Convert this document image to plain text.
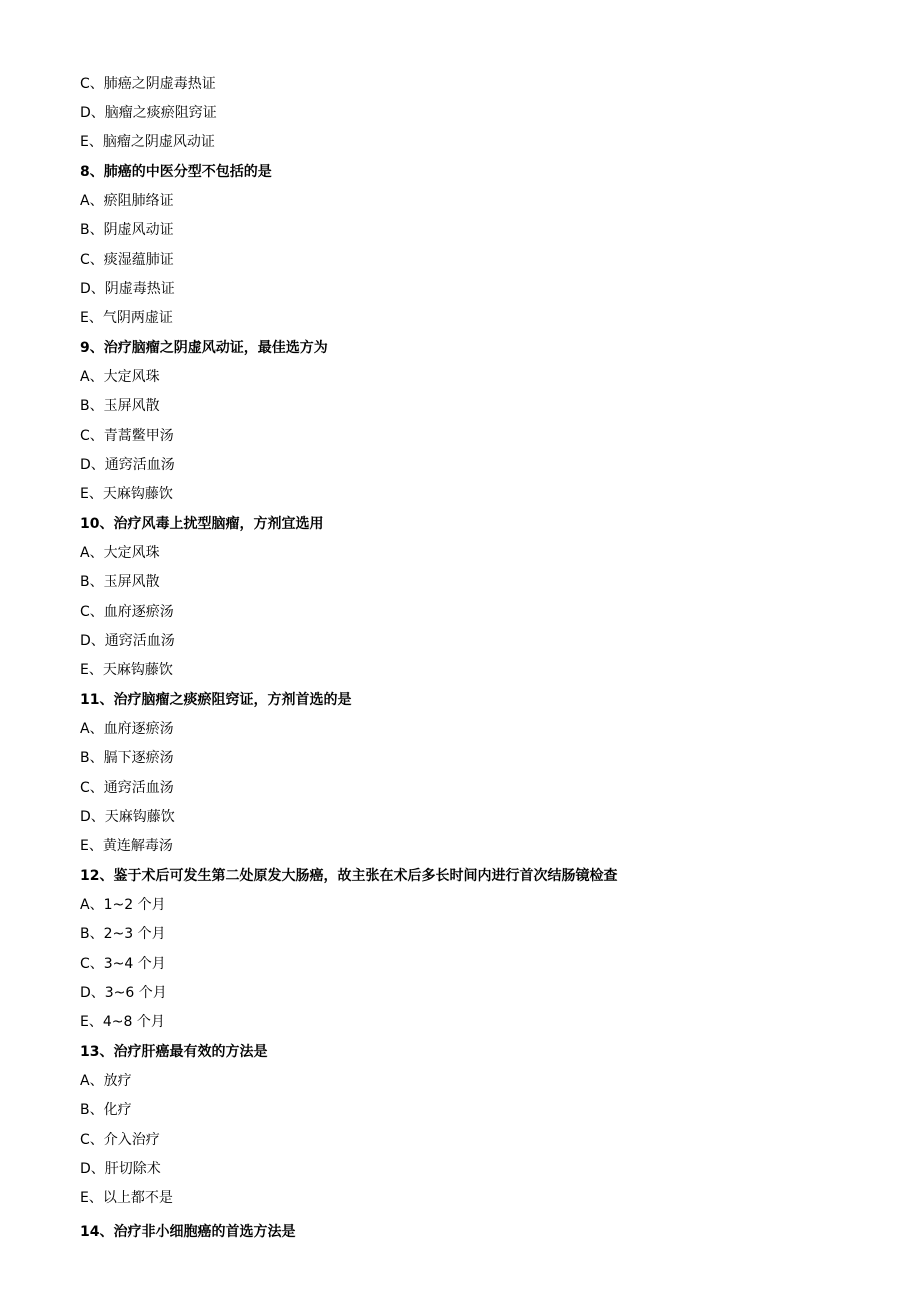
C、肺癌之阴虚毒热证
D、脑瘤之痰瘀阻窍证
E、脑瘤之阴虚风动证
8、肺癌的中医分型不包括的是
A、瘀阻肺络证
B、阴虚风动证
C、痰湿蕴肺证
D、阴虚毒热证
E、气阴两虚证
9、治疗脑瘤之阴虚风动证，最佳选方为
A、大定风珠
B、玉屏风散
C、青蒿鳖甲汤
D、通窍活血汤
E、天麻钩藤饮
10、治疗风毒上扰型脑瘤，方剂宜选用
A、大定风珠
B、玉屏风散
C、血府逐瘀汤
D、通窍活血汤
E、天麻钩藤饮
11、治疗脑瘤之痰瘀阻窍证，方剂首选的是
A、血府逐瘀汤
B、膈下逐瘀汤
C、通窍活血汤
D、天麻钩藤饮
E、黄连解毒汤
12、鉴于术后可发生第二处原发大肠癌，故主张在术后多长时间内进行首次结肠镜检查
A、1~2 个月
B、2~3 个月
C、3~4 个月
D、3~6 个月
E、4~8 个月
13、治疗肝癌最有效的方法是
A、放疗
B、化疗
C、介入治疗
D、肝切除术
E、以上都不是
14、治疗非小细胞癌的首选方法是
